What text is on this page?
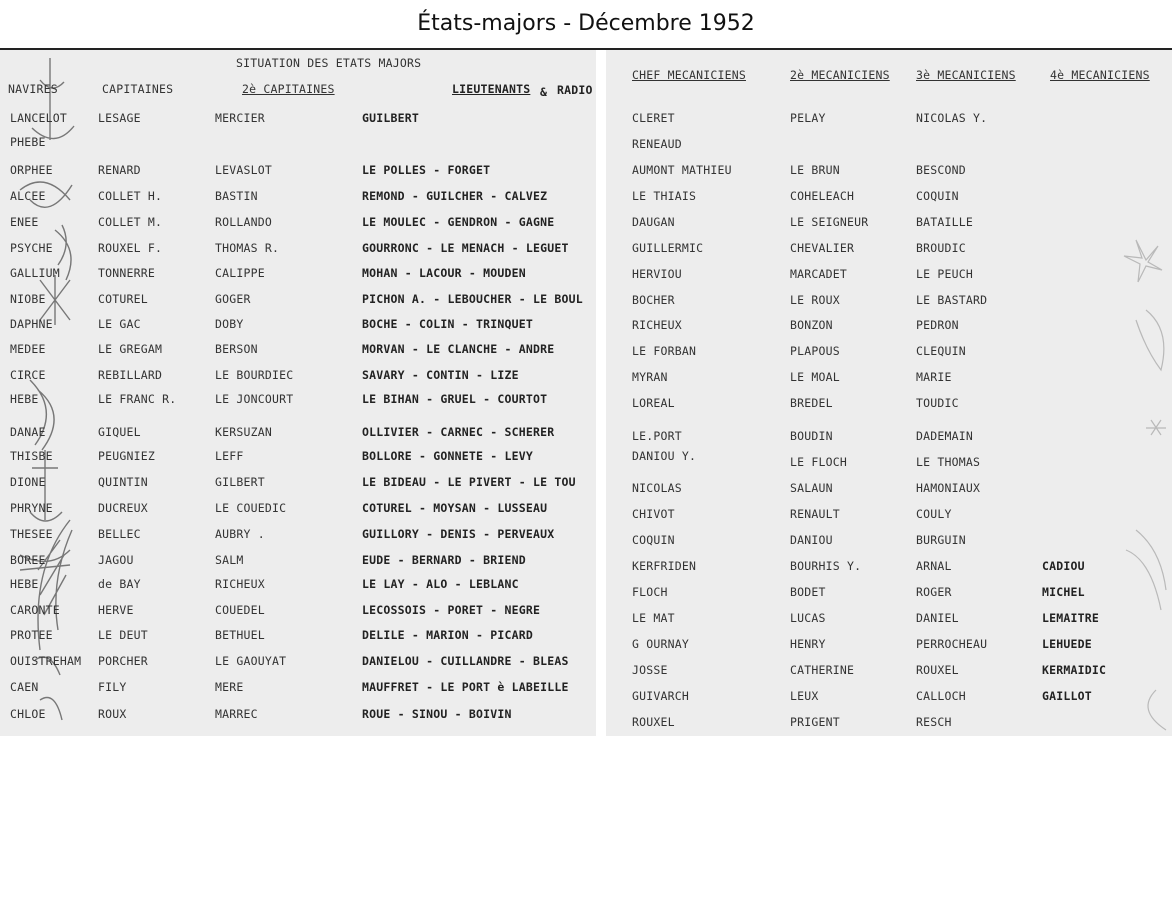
États-majors - Décembre 1952
SITUATION DES ETATS MAJORS
NAVIRES	CAPITAINES	2è CAPITAINES	LIEUTENANTS & RADIO
LANCELOT	LESAGE	MERCIER	GUILBERT
PHEBE
ORPHEE	RENARD	LEVASLOT	LE POLLES - FORGET
ALCEE	COLLET H.	BASTIN	REMOND - GUILCHER - CALVEZ
ENEE	COLLET M.	ROLLANDO	LE MOULEC - GENDRON - GAGNE
PSYCHE	ROUXEL F.	THOMAS R.	GOURRONC - LE MENACH - LEGUET
GALLIUM	TONNERRE	CALIPPE	MOHAN - LACOUR - MOUDEN
NIOBE	COTUREL	GOGER	PICHON A. - LEBOUCHER - LE BOUL
DAPHNE	LE GAC	DOBY	BOCHE - COLIN - TRINQUET
MEDEE	LE GREGAM	BERSON	MORVAN - LE CLANCHE - ANDRE
CIRCE	REBILLARD	LE BOURDIEC	SAVARY - CONTIN - LIZE
HEBE	LE FRANC R.	LE JONCOURT	LE BIHAN - GRUEL - COURTOT
DANAE	GIQUEL	KERSUZAN	OLLIVIER - CARNEC - SCHERER
THISBE	PEUGNIEZ	LEFF	BOLLORE - GONNETE - LEVY
DIONE	QUINTIN	GILBERT	LE BIDEAU - LE PIVERT - LE TOU
PHRYNE	DUCREUX	LE COUEDIC	COTUREL - MOYSAN - LUSSEAU
THESEE	BELLEC	AUBRY .	GUILLORY - DENIS - PERVEAUX
BOREE	JAGOU	SALM	EUDE - BERNARD - BRIEND
HEBE	de BAY	RICHEUX	LE LAY - ALO - LEBLANC
CARONTE	HERVE	COUEDEL	LECOSSOIS - PORET - NEGRE
PROTEE	LE DEUT	BETHUEL	DELILE - MARION - PICARD
OUISTREHAM PORCHER	LE GAOUYAT	DANIELOU - CUILLANDRE - BLEAS
CAEN	FILY	MERE	MAUFFRET - LE PORT è LABEILLE
CHLOE	ROUX	MARREC	ROUE - SINOU - BOIVIN
CHEF MECANICIENS	2è MECANICIENS 3è MECANICIENS	4è MECANICIENS
CLERET	PELAY	NICOLAS Y.
RENEAUD
AUMONT MATHIEU	LE BRUN	BESCOND
LE THIAIS	COHELEACH	COQUIN
DAUGAN	LE SEIGNEUR	BATAILLE
GUILLERMIC	CHEVALIER	BROUDIC
HERVIOU	MARCADET	LE PEUCH
BOCHER	LE ROUX	LE BASTARD
RICHEUX	BONZON	PEDRON
LE FORBAN	PLAPOUS	CLEQUIN
MYRAN	LE MOAL	MARIE
LOREAL	BREDEL	TOUDIC
LE.PORT	BOUDIN	DADEMAIN
DANIOU Y.	LE FLOCH	LE THOMAS
NICOLAS	SALAUN	HAMONIAUX
CHIVOT	RENAULT	COULY
COQUIN	DANIOU	BURGUIN
KERFRIDEN	BOURHIS Y.	ARNAL	CADIOU
FLOCH	BODET	ROGER	MICHEL
LE MAT	LUCAS	DANIEL	LEMAITRE
G OURNAY	HENRY	PERROCHEAU	LEHUEDE
JOSSE	CATHERINE	ROUXEL	KERMAIDIC
GUIVARCH	LEUX	CALLOCH	GAILLOT
ROUXEL	PRIGENT	RESCH
